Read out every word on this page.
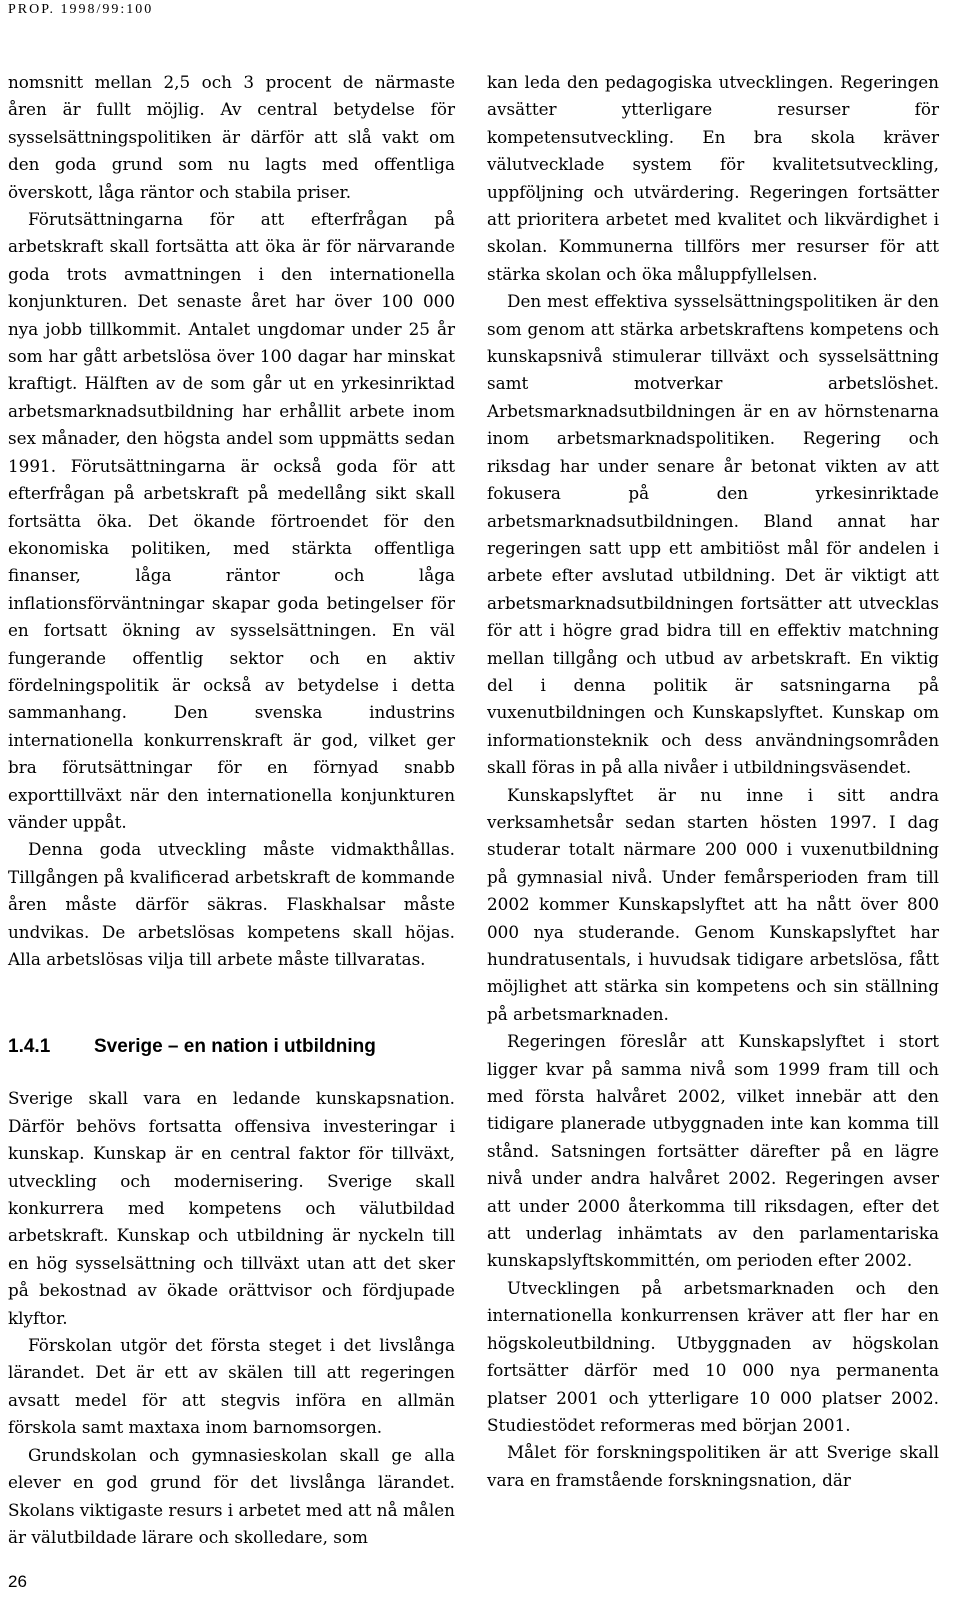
PROP. 1998/99:100

nomsnitt mellan 2,5 och 3 procent de närmaste åren är fullt möjlig. Av central betydelse för sysselsättningspolitiken är därför att slå vakt om den goda grund som nu lagts med offentliga överskott, låga räntor och stabila priser.

Förutsättningarna för att efterfrågan på arbetskraft skall fortsätta att öka är för närvarande goda trots avmattningen i den internationella konjunkturen. Det senaste året har över 100 000 nya jobb tillkommit. Antalet ungdomar under 25 år som har gått arbetslösa över 100 dagar har minskat kraftigt. Hälften av de som går ut en yrkesinriktad arbetsmarknadsutbildning har erhållit arbete inom sex månader, den högsta andel som uppmätts sedan 1991. Förutsättningarna är också goda för att efterfrågan på arbetskraft på medellång sikt skall fortsätta öka. Det ökande förtroendet för den ekonomiska politiken, med stärkta offentliga finanser, låga räntor och låga inflationsförväntningar skapar goda betingelser för en fortsatt ökning av sysselsättningen. En väl fungerande offentlig sektor och en aktiv fördelningspolitik är också av betydelse i detta sammanhang. Den svenska industrins internationella konkurrenskraft är god, vilket ger bra förutsättningar för en förnyad snabb exporttillväxt när den internationella konjunkturen vänder uppåt.

Denna goda utveckling måste vidmakthållas. Tillgången på kvalificerad arbetskraft de kommande åren måste därför säkras. Flaskhalsar måste undvikas. De arbetslösas kompetens skall höjas. Alla arbetslösas vilja till arbete måste tillvaratas.

1.4.1 Sverige – en nation i utbildning

Sverige skall vara en ledande kunskapsnation. Därför behövs fortsatta offensiva investeringar i kunskap. Kunskap är en central faktor för tillväxt, utveckling och modernisering. Sverige skall konkurrera med kompetens och välutbildad arbetskraft. Kunskap och utbildning är nyckeln till en hög sysselsättning och tillväxt utan att det sker på bekostnad av ökade orättvisor och fördjupade klyftor.

Förskolan utgör det första steget i det livslånga lärandet. Det är ett av skälen till att regeringen avsatt medel för att stegvis införa en allmän förskola samt maxtaxa inom barnomsorgen.

Grundskolan och gymnasieskolan skall ge alla elever en god grund för det livslånga lärandet. Skolans viktigaste resurs i arbetet med att nå målen är välutbildade lärare och skolledare, som

kan leda den pedagogiska utvecklingen. Regeringen avsätter ytterligare resurser för kompetensutveckling. En bra skola kräver välutvecklade system för kvalitetsutveckling, uppföljning och utvärdering. Regeringen fortsätter att prioritera arbetet med kvalitet och likvärdighet i skolan. Kommunerna tillförs mer resurser för att stärka skolan och öka måluppfyllelsen.

Den mest effektiva sysselsättningspolitiken är den som genom att stärka arbetskraftens kompetens och kunskapsnivå stimulerar tillväxt och sysselsättning samt motverkar arbetslöshet. Arbetsmarknadsutbildningen är en av hörnstenarna inom arbetsmarknadspolitiken. Regering och riksdag har under senare år betonat vikten av att fokusera på den yrkesinriktade arbetsmarknadsutbildningen. Bland annat har regeringen satt upp ett ambitiöst mål för andelen i arbete efter avslutad utbildning. Det är viktigt att arbetsmarknadsutbildningen fortsätter att utvecklas för att i högre grad bidra till en effektiv matchning mellan tillgång och utbud av arbetskraft. En viktig del i denna politik är satsningarna på vuxenutbildningen och Kunskapslyftet. Kunskap om informationsteknik och dess användningsområden skall föras in på alla nivåer i utbildningsväsendet.

Kunskapslyftet är nu inne i sitt andra verksamhetsår sedan starten hösten 1997. I dag studerar totalt närmare 200 000 i vuxenutbildning på gymnasial nivå. Under femårsperioden fram till 2002 kommer Kunskapslyftet att ha nått över 800 000 nya studerande. Genom Kunskapslyftet har hundratusentals, i huvudsak tidigare arbetslösa, fått möjlighet att stärka sin kompetens och sin ställning på arbetsmarknaden.

Regeringen föreslår att Kunskapslyftet i stort ligger kvar på samma nivå som 1999 fram till och med första halvåret 2002, vilket innebär att den tidigare planerade utbyggnaden inte kan komma till stånd. Satsningen fortsätter därefter på en lägre nivå under andra halvåret 2002. Regeringen avser att under 2000 återkomma till riksdagen, efter det att underlag inhämtats av den parlamentariska kunskapslyftskommittén, om perioden efter 2002.

Utvecklingen på arbetsmarknaden och den internationella konkurrensen kräver att fler har en högskoleutbildning. Utbyggnaden av högskolan fortsätter därför med 10 000 nya permanenta platser 2001 och ytterligare 10 000 platser 2002. Studiestödet reformeras med början 2001.

Målet för forskningspolitiken är att Sverige skall vara en framstående forskningsnation, där

26
